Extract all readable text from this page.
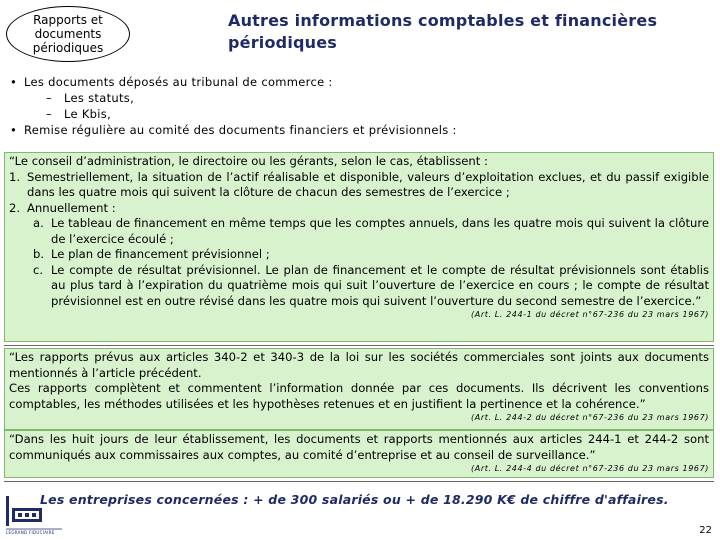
Rapports et
documents
périodiques
Autres informations comptables et financières
périodiques
• Les documents déposés au tribunal de commerce :
– Les statuts,
– Le Kbis,
• Remise régulière au comité des documents financiers et prévisionnels :

“Le conseil d’administration, le directoire ou les gérants, selon le cas, établissent :

1. Semestriellement, la situation de l’actif réalisable et disponible, valeurs d’exploitation exclues, et du passif exigible dans les quatre mois qui suivent la clôture de chacun des semestres de l’exercice ;
2. Annuellement :
a. Le tableau de financement en même temps que les comptes annuels, dans les quatre mois qui suivent la clôture de l’exercice écoulé ;
b. Le plan de financement prévisionnel ;
c. Le compte de résultat prévisionnel. Le plan de financement et le compte de résultat prévisionnels sont établis au plus tard à l’expiration du quatrième mois qui suit l’ouverture de l’exercice en cours ; le compte de résultat prévisionnel est en outre révisé dans les quatre mois qui suivent l’ouverture du second semestre de l’exercice.”
(Art. L. 244-1 du décret n°67-236 du 23 mars 1967)

“Les rapports prévus aux articles 340-2 et 340-3 de la loi sur les sociétés commerciales sont joints aux documents mentionnés à l’article précédent.

Ces rapports complètent et commentent l’information donnée par ces documents. Ils décrivent les conventions comptables, les méthodes utilisées et les hypothèses retenues et en justifient la pertinence et la cohérence.”

(Art. L. 244-2 du décret n°67-236 du 23 mars 1967)

“Dans les huit jours de leur établissement, les documents et rapports mentionnés aux articles 244-1 et 244-2 sont communiqués aux commissaires aux comptes, au comité d’entreprise et au conseil de surveillance.”

(Art. L. 244-4 du décret n°67-236 du 23 mars 1967)
LEGRAND FIDUCIAIRE
Les entreprises concernées : + de 300 salariés ou + de 18.290 K€ de chiffre d'affaires.
22
